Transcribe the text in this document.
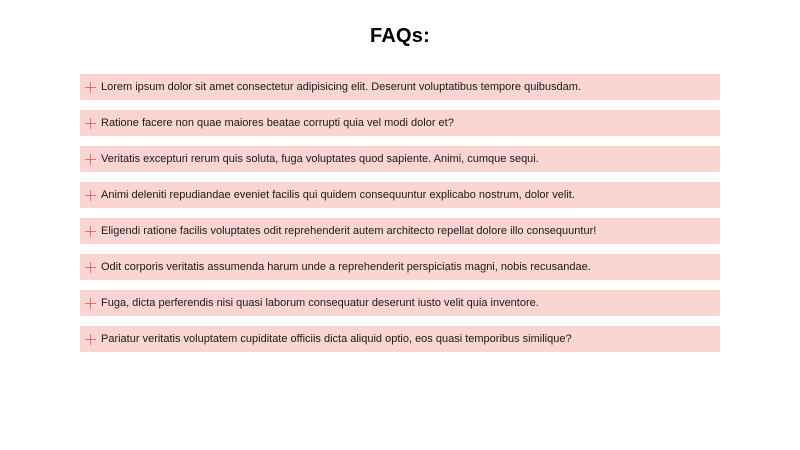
FAQs:
Lorem ipsum dolor sit amet consectetur adipisicing elit. Deserunt voluptatibus tempore quibusdam.
Ratione facere non quae maiores beatae corrupti quia vel modi dolor et?
Veritatis excepturi rerum quis soluta, fuga voluptates quod sapiente. Animi, cumque sequi.
Animi deleniti repudiandae eveniet facilis qui quidem consequuntur explicabo nostrum, dolor velit.
Eligendi ratione facilis voluptates odit reprehenderit autem architecto repellat dolore illo consequuntur!
Odit corporis veritatis assumenda harum unde a reprehenderit perspiciatis magni, nobis recusandae.
Fuga, dicta perferendis nisi quasi laborum consequatur deserunt iusto velit quia inventore.
Pariatur veritatis voluptatem cupiditate officiis dicta aliquid optio, eos quasi temporibus similique?
